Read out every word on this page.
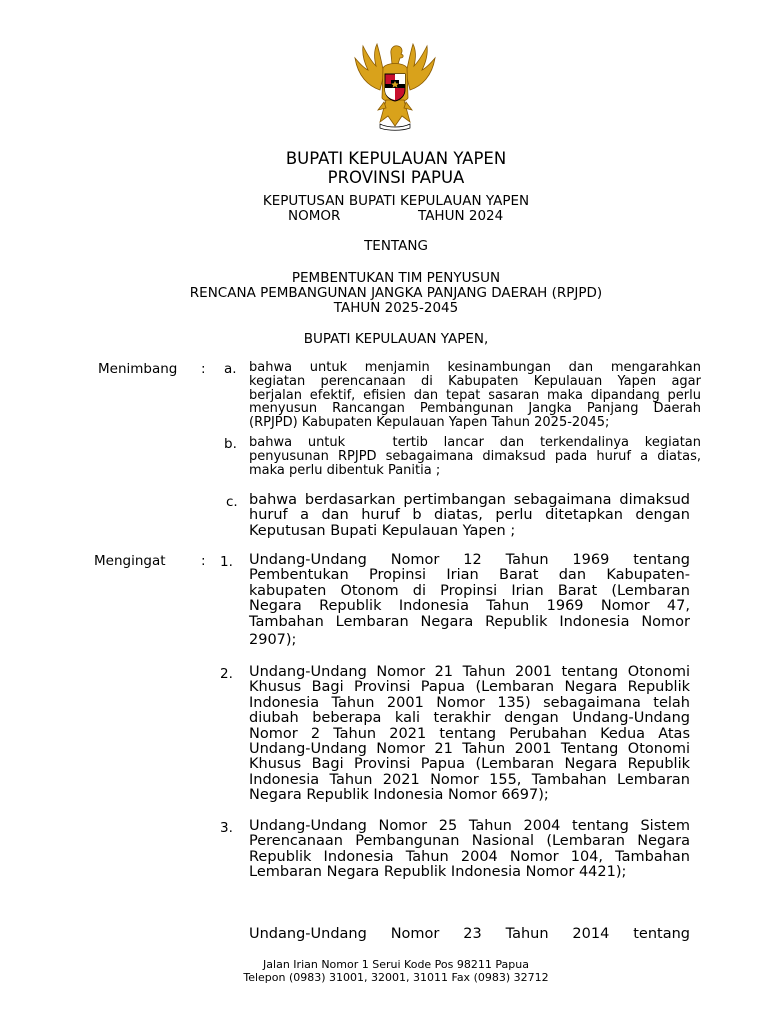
BUPATI KEPULAUAN YAPEN
PROVINSI PAPUA
KEPUTUSAN BUPATI KEPULAUAN YAPEN
NOMOR	TAHUN 2024
TENTANG
PEMBENTUKAN TIM PENYUSUN
RENCANA PEMBANGUNAN JANGKA PANJANG DAERAH (RPJPD)
TAHUN 2025-2045
BUPATI KEPULAUAN YAPEN,
Menimbang : a. bahwa untuk menjamin kesinambungan dan mengarahkan
kegiatan perencanaan di Kabupaten Kepulauan Yapen agar
berjalan efektif, efisien dan tepat sasaran maka dipandang perlu
menyusun Rancangan Pembangunan Jangka Panjang Daerah
(RPJPD) Kabupaten Kepulauan Yapen Tahun 2025-2045;
b. bahwa untuk   tertib lancar dan terkendalinya kegiatan
penyusunan RPJPD sebagaimana dimaksud pada huruf a diatas,
maka perlu dibentuk Panitia ;
c. bahwa berdasarkan pertimbangan sebagaimana dimaksud
huruf a dan huruf b diatas, perlu ditetapkan dengan
Keputusan Bupati Kepulauan Yapen ;
Mengingat	: 1. Undang-Undang Nomor 12 Tahun 1969 tentang
Pembentukan Propinsi Irian Barat dan Kabupaten-
kabupaten Otonom di Propinsi Irian Barat (Lembaran
Negara Republik Indonesia Tahun 1969 Nomor 47,
Tambahan Lembaran Negara Republik Indonesia Nomor
2907);
2. Undang-Undang Nomor 21 Tahun 2001 tentang Otonomi
Khusus Bagi Provinsi Papua (Lembaran Negara Republik
Indonesia Tahun 2001 Nomor 135) sebagaimana telah
diubah beberapa kali terakhir dengan Undang-Undang
Nomor 2 Tahun 2021 tentang Perubahan Kedua Atas
Undang-Undang Nomor 21 Tahun 2001 Tentang Otonomi
Khusus Bagi Provinsi Papua (Lembaran Negara Republik
Indonesia Tahun 2021 Nomor 155, Tambahan Lembaran
Negara Republik Indonesia Nomor 6697);
3. Undang-Undang Nomor 25 Tahun 2004 tentang Sistem
Perencanaan Pembangunan Nasional (Lembaran Negara
Republik Indonesia Tahun 2004 Nomor 104, Tambahan
Lembaran Negara Republik Indonesia Nomor 4421);
Undang-Undang Nomor 23 Tahun 2014 tentang
Jalan Irian Nomor 1 Serui Kode Pos 98211 Papua
Telepon (0983) 31001, 32001, 31011 Fax (0983) 32712
